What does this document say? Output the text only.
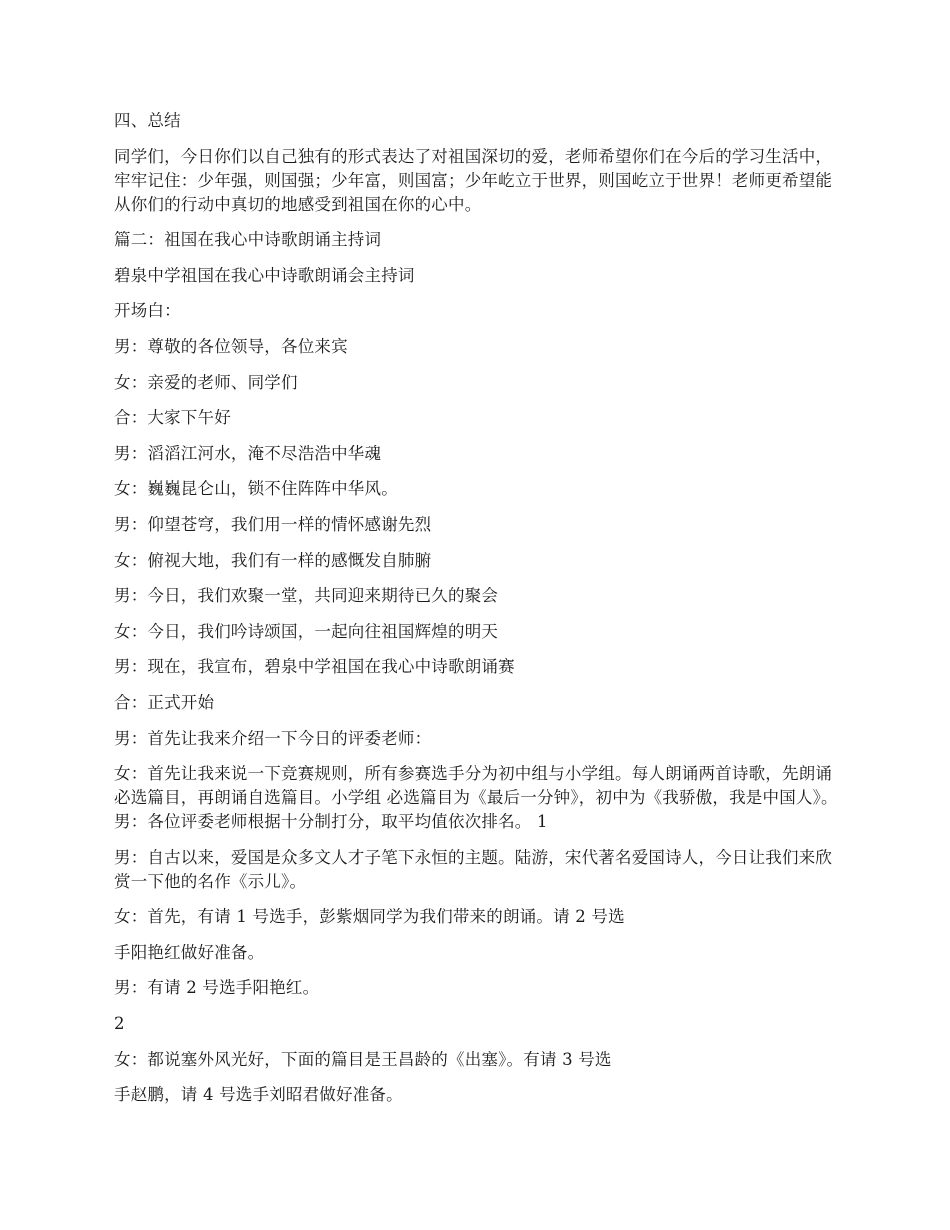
四、总结

同学们，今日你们以自己独有的形式表达了对祖国深切的爱，老师希望你们在今后的学习生活中，牢牢记住：少年强，则国强；少年富，则国富；少年屹立于世界，则国屹立于世界！老师更希望能从你们的行动中真切的地感受到祖国在你的心中。

篇二：祖国在我心中诗歌朗诵主持词

碧泉中学祖国在我心中诗歌朗诵会主持词

开场白：

男：尊敬的各位领导，各位来宾

女：亲爱的老师、同学们

合：大家下午好

男：滔滔江河水，淹不尽浩浩中华魂

女：巍巍昆仑山，锁不住阵阵中华风。

男：仰望苍穹，我们用一样的情怀感谢先烈

女：俯视大地，我们有一样的感慨发自肺腑

男：今日，我们欢聚一堂，共同迎来期待已久的聚会

女：今日，我们吟诗颂国，一起向往祖国辉煌的明天

男：现在，我宣布，碧泉中学祖国在我心中诗歌朗诵赛

合：正式开始

男：首先让我来介绍一下今日的评委老师：

女：首先让我来说一下竞赛规则，所有参赛选手分为初中组与小学组。每人朗诵两首诗歌，先朗诵必选篇目，再朗诵自选篇目。小学组 必选篇目为《最后一分钟》，初中为《我骄傲，我是中国人》。 男：各位评委老师根据十分制打分，取平均值依次排名。 1

男：自古以来，爱国是众多文人才子笔下永恒的主题。陆游，宋代著名爱国诗人，今日让我们来欣赏一下他的名作《示儿》。

女：首先，有请 1 号选手，彭紫烟同学为我们带来的朗诵。请 2 号选

手阳艳红做好准备。

男：有请 2 号选手阳艳红。

2

女：都说塞外风光好，下面的篇目是王昌龄的《出塞》。有请 3 号选

手赵鹏，请 4 号选手刘昭君做好准备。
